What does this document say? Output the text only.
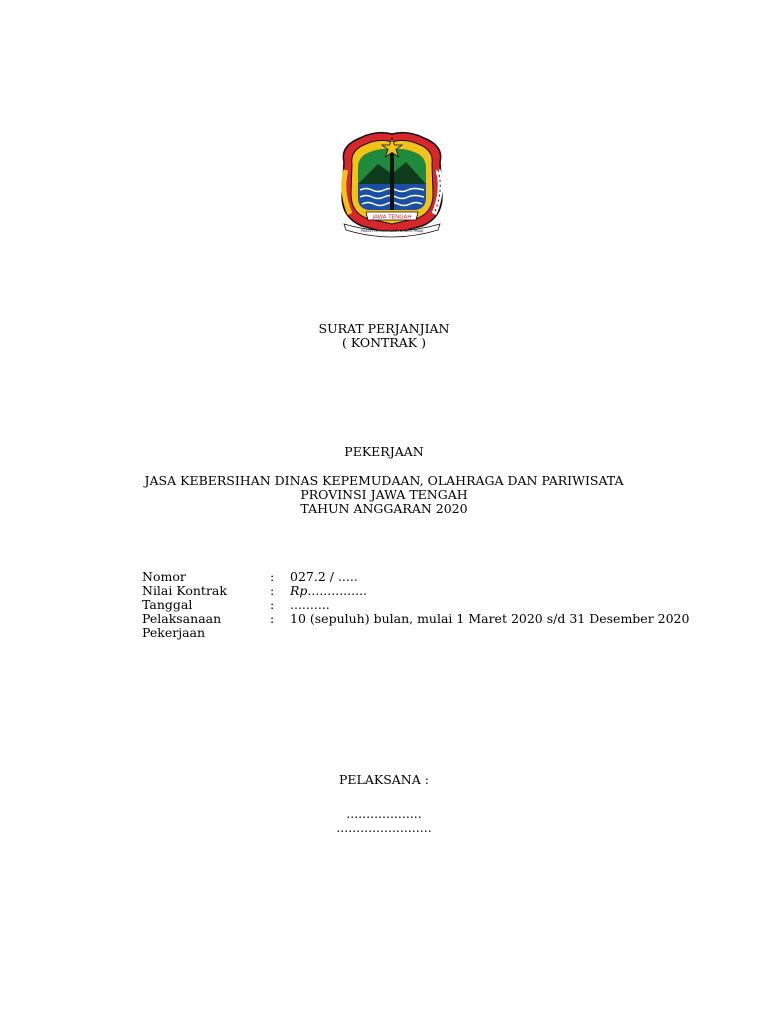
JAWA TENGAH
PRASETYA ULAH SAKTI BHAKTI PRAJA
SURAT PERJANJIAN
( KONTRAK )
PEKERJAAN
JASA KEBERSIHAN DINAS KEPEMUDAAN, OLAHRAGA DAN PARIWISATA
PROVINSI JAWA TENGAH
TAHUN ANGGARAN 2020
Nomor	:	027.2 / .....
Nilai Kontrak	:	Rp...............
Tanggal	:	..........
Pelaksanaan Pekerjaan
:	10 (sepuluh) bulan, mulai 1 Maret 2020 s/d 31 Desember 2020
PELAKSANA :
...................
........................
